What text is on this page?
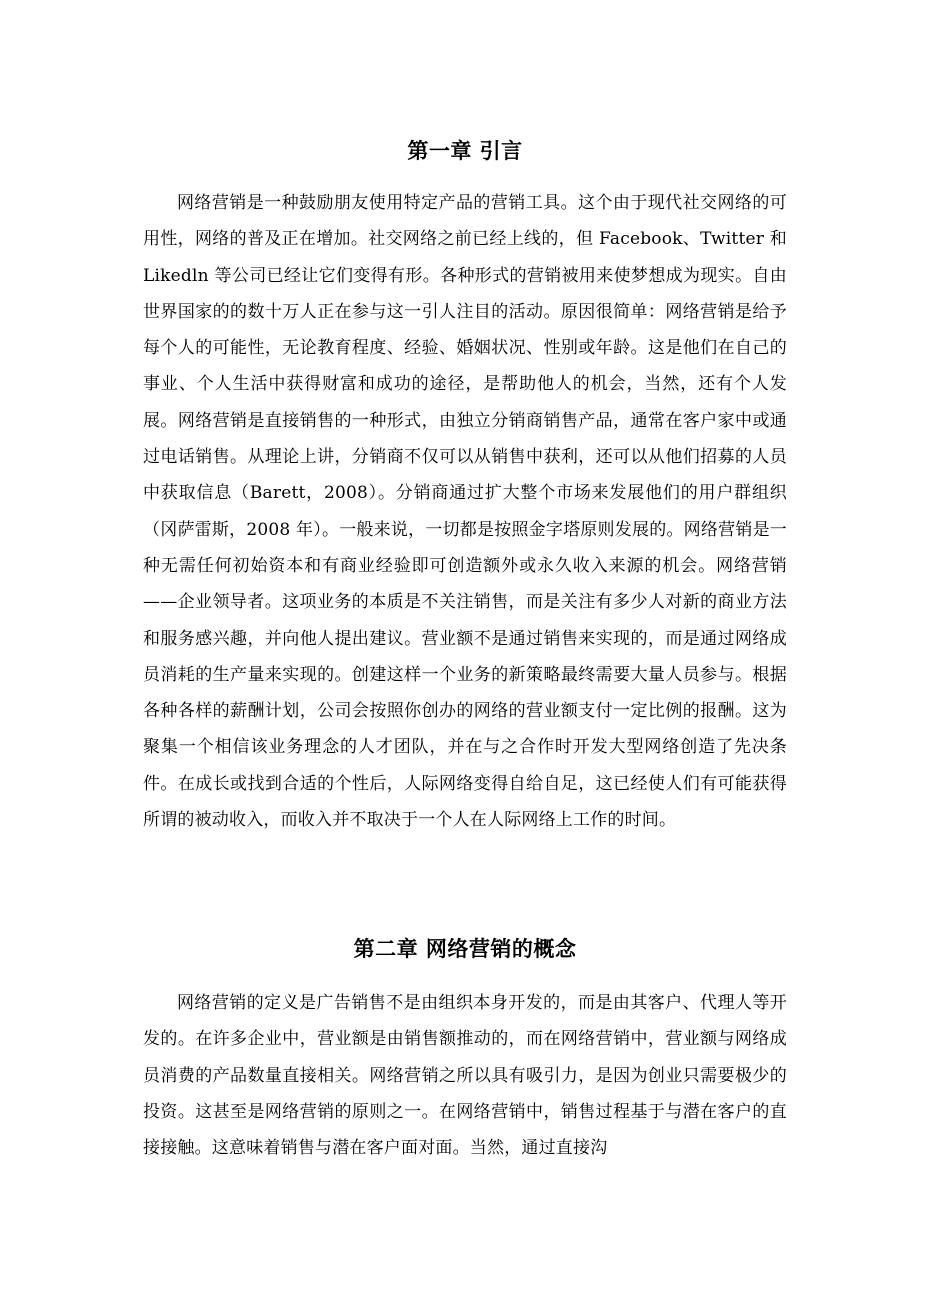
第一章 引言

网络营销是一种鼓励朋友使用特定产品的营销工具。这个由于现代社交网络的可用性，网络的普及正在增加。社交网络之前已经上线的，但 Facebook、Twitter 和 Likedln 等公司已经让它们变得有形。各种形式的营销被用来使梦想成为现实。自由世界国家的的数十万人正在参与这一引人注目的活动。原因很简单：网络营销是给予每个人的可能性，无论教育程度、经验、婚姻状况、性别或年龄。这是他们在自己的事业、个人生活中获得财富和成功的途径，是帮助他人的机会，当然，还有个人发展。网络营销是直接销售的一种形式，由独立分销商销售产品，通常在客户家中或通过电话销售。从理论上讲，分销商不仅可以从销售中获利，还可以从他们招募的人员中获取信息（Barett，2008）。分销商通过扩大整个市场来发展他们的用户群组织（冈萨雷斯，2008 年）。一般来说，一切都是按照金字塔原则发展的。网络营销是一种无需任何初始资本和有商业经验即可创造额外或永久收入来源的机会。网络营销——企业领导者。这项业务的本质是不关注销售，而是关注有多少人对新的商业方法和服务感兴趣，并向他人提出建议。营业额不是通过销售来实现的，而是通过网络成员消耗的生产量来实现的。创建这样一个业务的新策略最终需要大量人员参与。根据各种各样的薪酬计划，公司会按照你创办的网络的营业额支付一定比例的报酬。这为聚集一个相信该业务理念的人才团队，并在与之合作时开发大型网络创造了先决条件。在成长或找到合适的个性后，人际网络变得自给自足，这已经使人们有可能获得所谓的被动收入，而收入并不取决于一个人在人际网络上工作的时间。

第二章 网络营销的概念

网络营销的定义是广告销售不是由组织本身开发的，而是由其客户、代理人等开发的。在许多企业中，营业额是由销售额推动的，而在网络营销中，营业额与网络成员消费的产品数量直接相关。网络营销之所以具有吸引力，是因为创业只需要极少的投资。这甚至是网络营销的原则之一。在网络营销中，销售过程基于与潜在客户的直接接触。这意味着销售与潜在客户面对面。当然，通过直接沟
